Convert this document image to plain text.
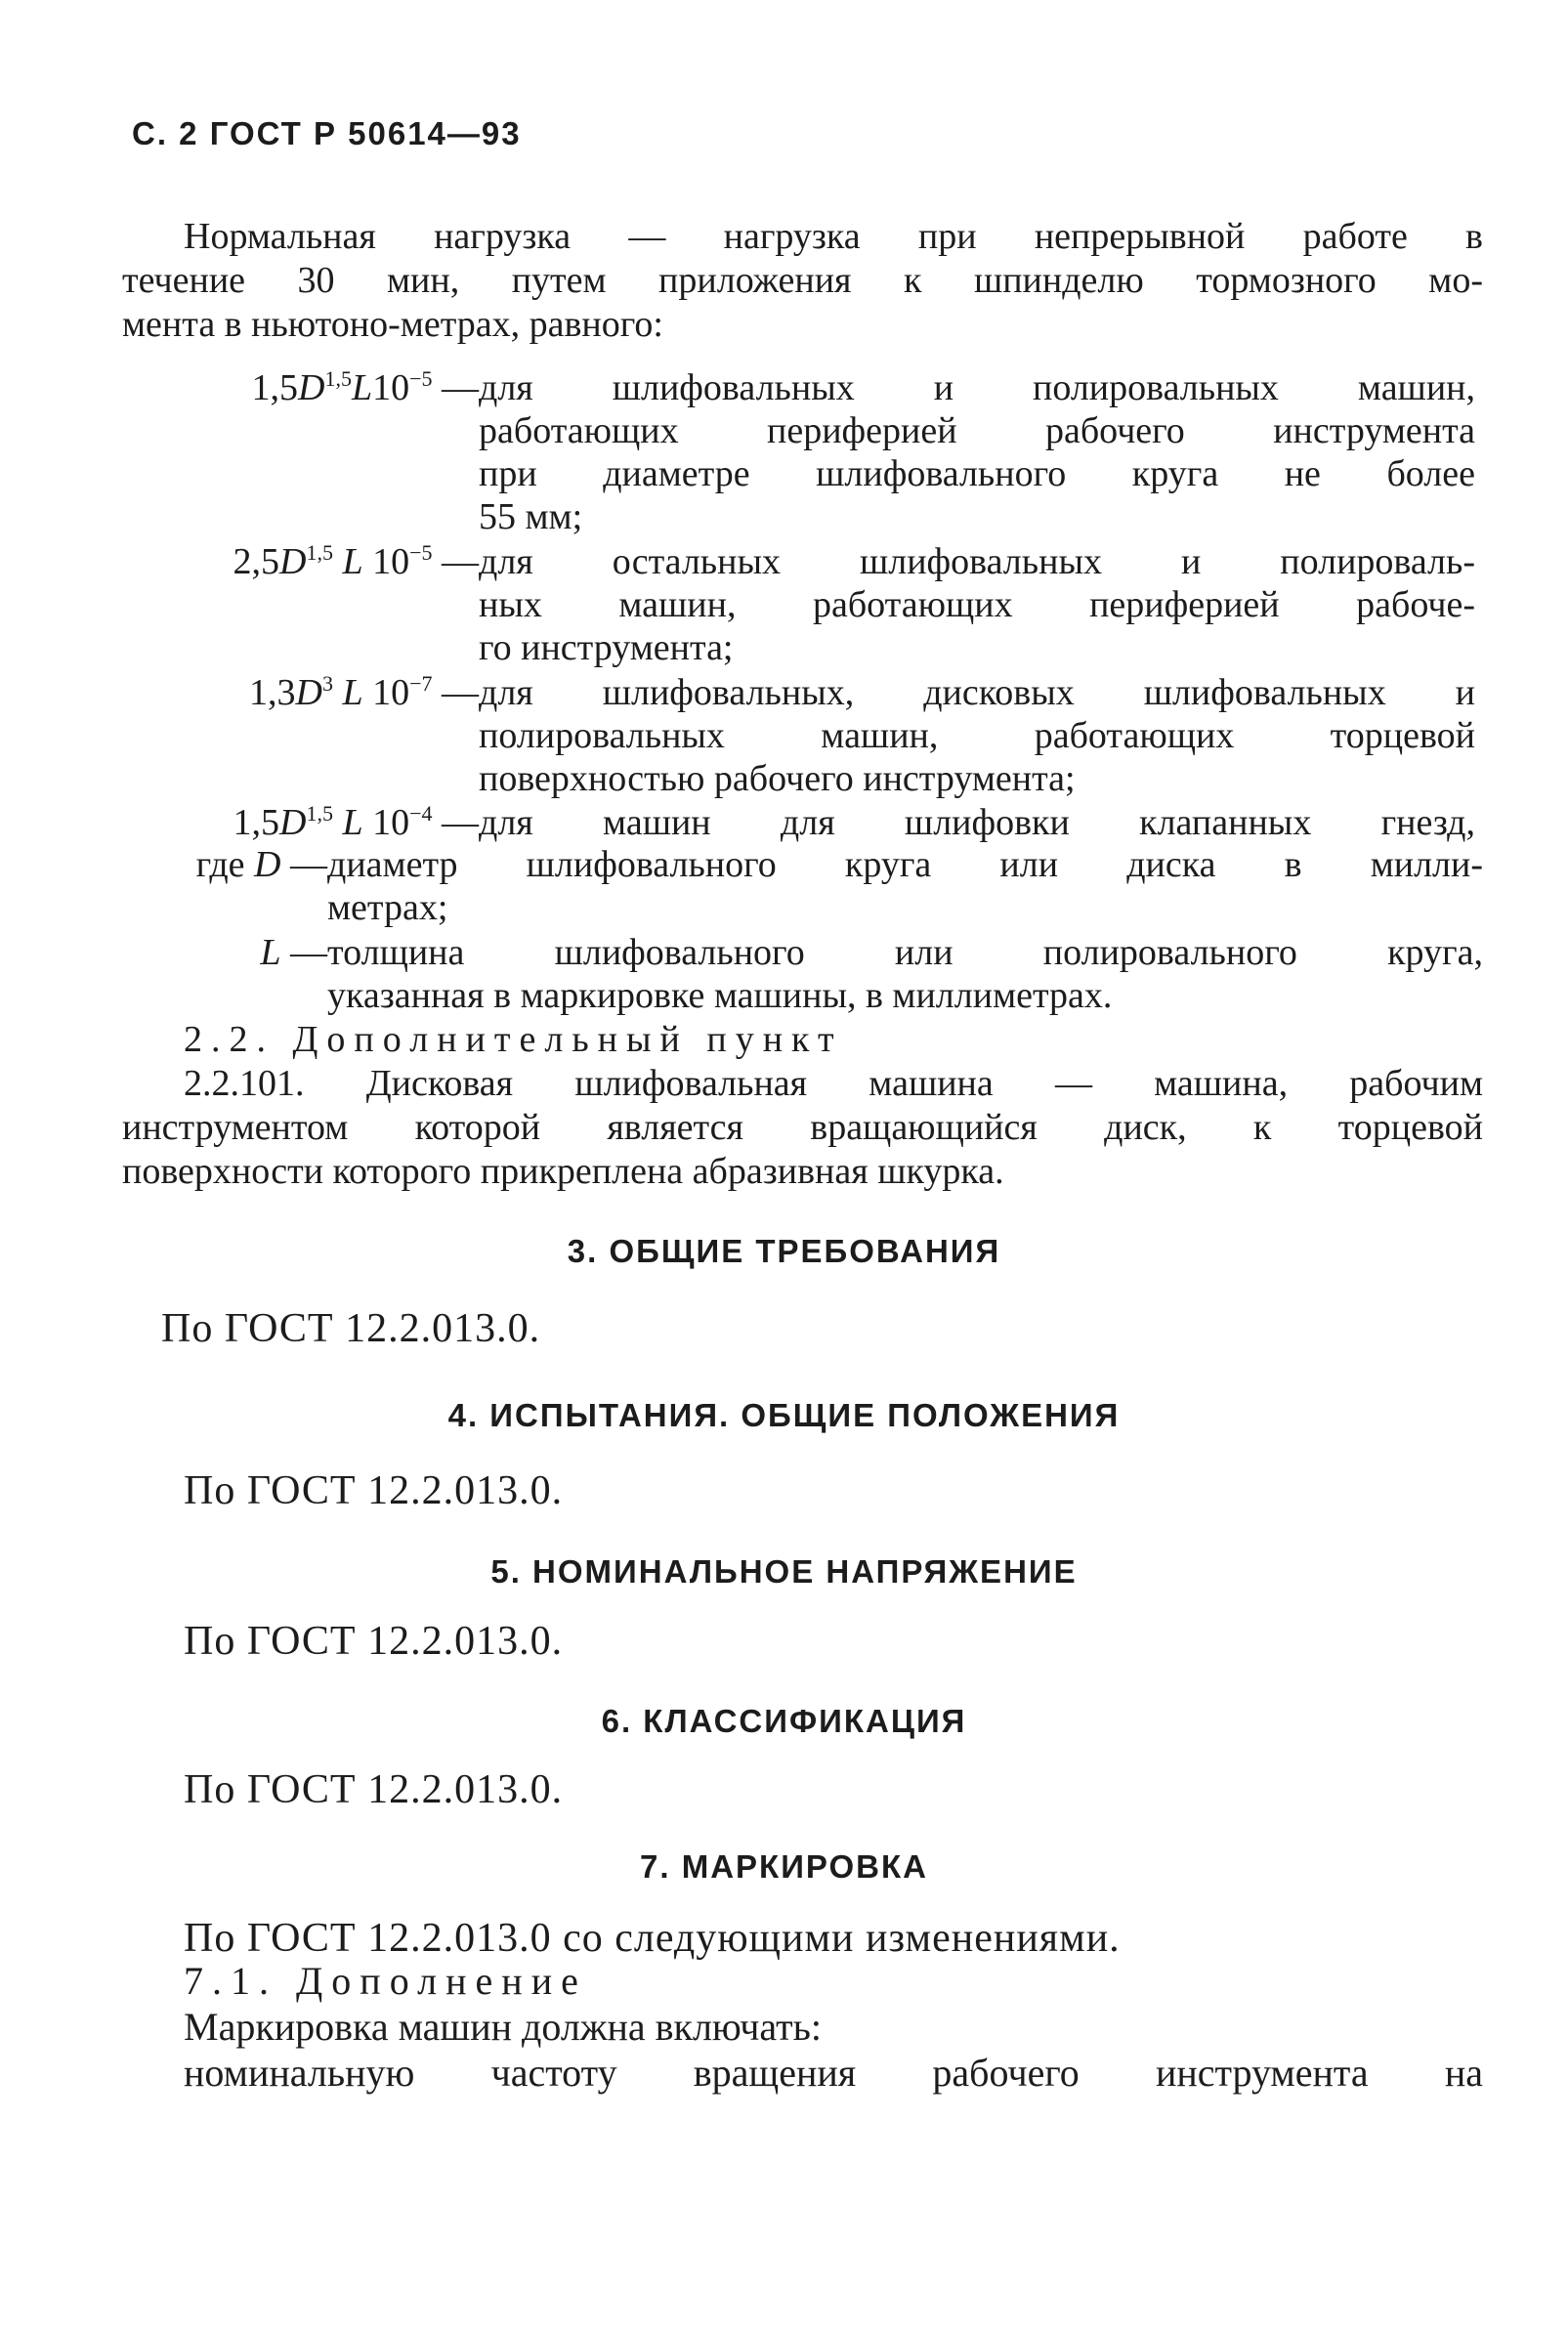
С. 2 ГОСТ Р 50614—93

Нормальная нагрузка — нагрузка при непрерывной работе в

течение 30 мин, путем приложения к шпинделю тормозного мо-

мента в ньютоно-метрах, равного:

$1,5D^{1,5}L10^{-5}$ — для шлифовальных и полировальных машин,
работающих периферией рабочего инструмента
при диаметре шлифовального круга не более
55 мм;
$2,5D^{1,5}$ L $10^{-5}$ — для остальных шлифовальных и полироваль-
ных машин, работающих периферией рабоче-
го инструмента;
$1,3D^3$ L $10^{-7}$ — для шлифовальных, дисковых шлифовальных и
полировальных машин, работающих торцевой
поверхностью рабочего инструмента;
$1,5D^{1,5}$ L $10^{-4}$ — для машин для шлифовки клапанных гнезд,
где D — диаметр шлифовального круга или диска в милли-
метрах;
L — толщина шлифовального или полировального круга,
указанная в маркировке машины, в миллиметрах.

2.2. Дополнительный пункт

2.2.101. Дисковая шлифовальная машина — машина, рабочим

инструментом которой является вращающийся диск, к торцевой

поверхности которого прикреплена абразивная шкурка.

3. ОБЩИЕ ТРЕБОВАНИЯ
По ГОСТ 12.2.013.0.
4. ИСПЫТАНИЯ. ОБЩИЕ ПОЛОЖЕНИЯ
По ГОСТ 12.2.013.0.
5. НОМИНАЛЬНОЕ НАПРЯЖЕНИЕ
По ГОСТ 12.2.013.0.
6. КЛАССИФИКАЦИЯ
По ГОСТ 12.2.013.0.
7. МАРКИРОВКА
По ГОСТ 12.2.013.0 со следующими изменениями.

7.1. Дополнение

Маркировка машин должна включать:

номинальную частоту вращения рабочего инструмента на
